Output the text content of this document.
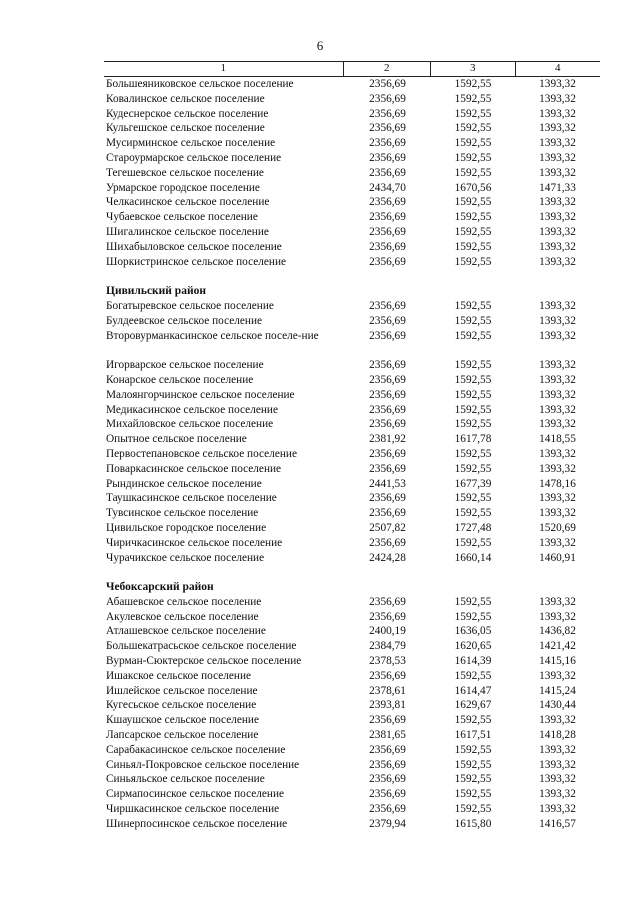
6
1	2	3	4
Большеяниковское сельское поселение	2356,69	1592,55	1393,32
Ковалинское сельское поселение	2356,69	1592,55	1393,32
Кудеснерское сельское поселение	2356,69	1592,55	1393,32
Кульгешское сельское поселение	2356,69	1592,55	1393,32
Мусирминское сельское поселение	2356,69	1592,55	1393,32
Староурмарское сельское поселение	2356,69	1592,55	1393,32
Тегешевское сельское поселение	2356,69	1592,55	1393,32
Урмарское городское поселение	2434,70	1670,56	1471,33
Челкасинское сельское поселение	2356,69	1592,55	1393,32
Чубаевское сельское поселение	2356,69	1592,55	1393,32
Шигалинское сельское поселение	2356,69	1592,55	1393,32
Шихабыловское сельское поселение	2356,69	1592,55	1393,32
Шоркистринское сельское поселение	2356,69	1592,55	1393,32
Цивильский район
Богатыревское сельское поселение	2356,69	1592,55	1393,32
Булдеевское сельское поселение	2356,69	1592,55	1393,32
Второвурманкасинское сельское поселе-ние	2356,69	1592,55	1393,32
Игорварское сельское поселение	2356,69	1592,55	1393,32
Конарское сельское поселение	2356,69	1592,55	1393,32
Малоянгорчинское сельское поселение	2356,69	1592,55	1393,32
Медикасинское сельское поселение	2356,69	1592,55	1393,32
Михайловское сельское поселение	2356,69	1592,55	1393,32
Опытное сельское поселение	2381,92	1617,78	1418,55
Первостепановское сельское поселение	2356,69	1592,55	1393,32
Поваркасинское сельское поселение	2356,69	1592,55	1393,32
Рындинское сельское поселение	2441,53	1677,39	1478,16
Таушкасинское сельское поселение	2356,69	1592,55	1393,32
Тувсинское сельское поселение	2356,69	1592,55	1393,32
Цивильское городское поселение	2507,82	1727,48	1520,69
Чиричкасинское сельское поселение	2356,69	1592,55	1393,32
Чурачикское сельское поселение	2424,28	1660,14	1460,91
Чебоксарский район
Абашевское сельское поселение	2356,69	1592,55	1393,32
Акулевское сельское поселение	2356,69	1592,55	1393,32
Атлашевское сельское поселение	2400,19	1636,05	1436,82
Большекатрасьское сельское поселение	2384,79	1620,65	1421,42
Вурман-Сюктерское сельское поселение	2378,53	1614,39	1415,16
Ишакское сельское поселение	2356,69	1592,55	1393,32
Ишлейское сельское поселение	2378,61	1614,47	1415,24
Кугесьское сельское поселение	2393,81	1629,67	1430,44
Кшаушское сельское поселение	2356,69	1592,55	1393,32
Лапсарское сельское поселение	2381,65	1617,51	1418,28
Сарабакасинское сельское поселение	2356,69	1592,55	1393,32
Синьял-Покровское сельское поселение	2356,69	1592,55	1393,32
Синьяльское сельское поселение	2356,69	1592,55	1393,32
Сирмапосинское сельское поселение	2356,69	1592,55	1393,32
Чиршкасинское сельское поселение	2356,69	1592,55	1393,32
Шинерпосинское сельское поселение	2379,94	1615,80	1416,57
